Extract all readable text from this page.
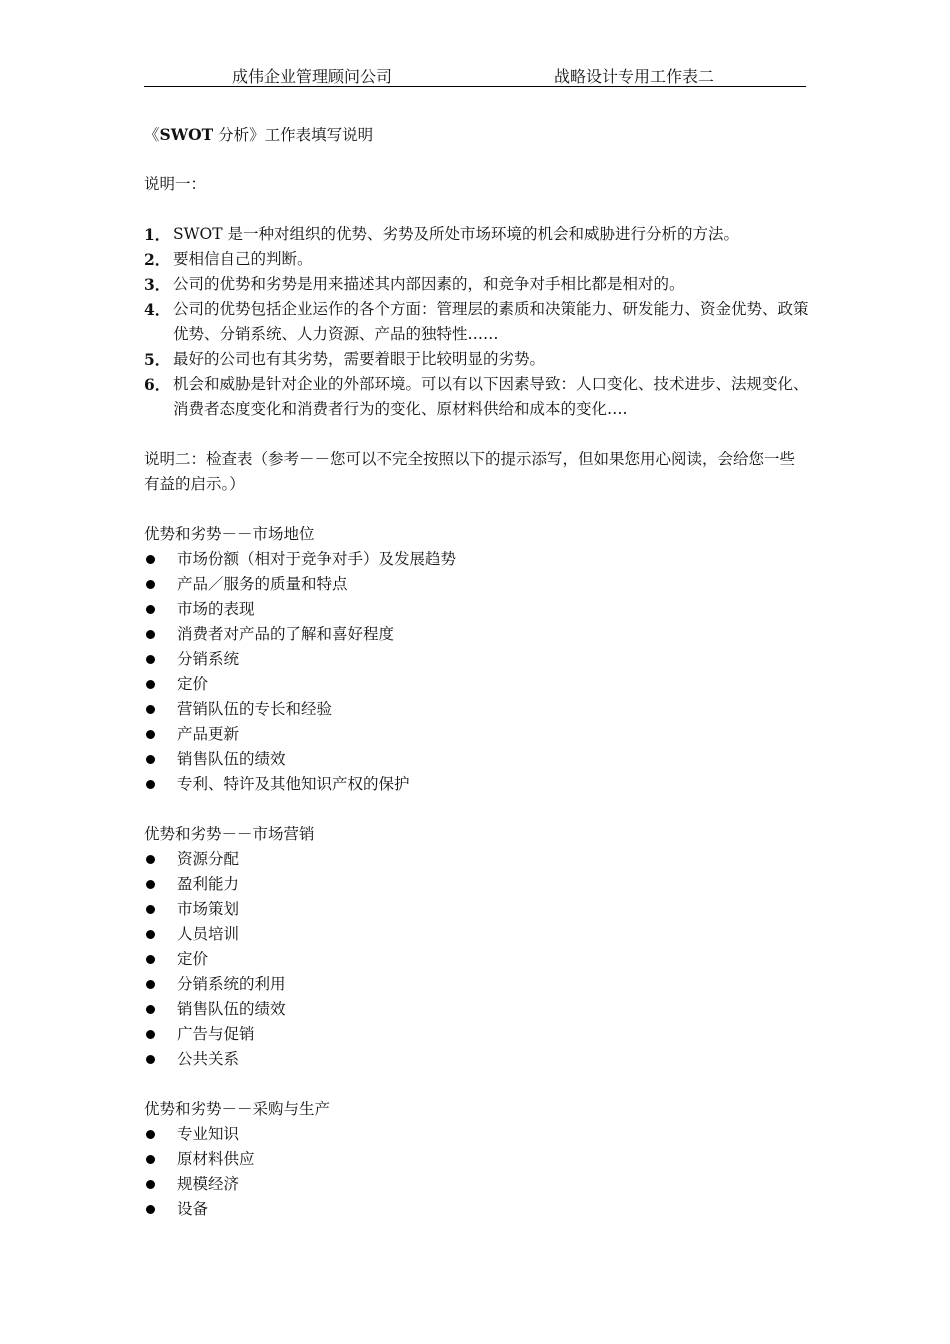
成伟企业管理顾问公司	战略设计专用工作表二
《SWOT 分析》工作表填写说明
说明一：
1． SWOT 是一种对组织的优势、劣势及所处市场环境的机会和威胁进行分析的方法。
2． 要相信自己的判断。
3． 公司的优势和劣势是用来描述其内部因素的，和竞争对手相比都是相对的。
4． 公司的优势包括企业运作的各个方面：管理层的素质和决策能力、研发能力、资金优势、政策优势、分销系统、人力资源、产品的独特性……
5． 最好的公司也有其劣势，需要着眼于比较明显的劣势。
6． 机会和威胁是针对企业的外部环境。可以有以下因素导致：人口变化、技术进步、法规变化、消费者态度变化和消费者行为的变化、原材料供给和成本的变化….
说明二：检查表（参考－－您可以不完全按照以下的提示添写，但如果您用心阅读，会给您一些有益的启示。）
优势和劣势－－市场地位
市场份额（相对于竞争对手）及发展趋势
产品／服务的质量和特点
市场的表现
消费者对产品的了解和喜好程度
分销系统
定价
营销队伍的专长和经验
产品更新
销售队伍的绩效
专利、特许及其他知识产权的保护
优势和劣势－－市场营销
资源分配
盈利能力
市场策划
人员培训
定价
分销系统的利用
销售队伍的绩效
广告与促销
公共关系
优势和劣势－－采购与生产
专业知识
原材料供应
规模经济
设备
